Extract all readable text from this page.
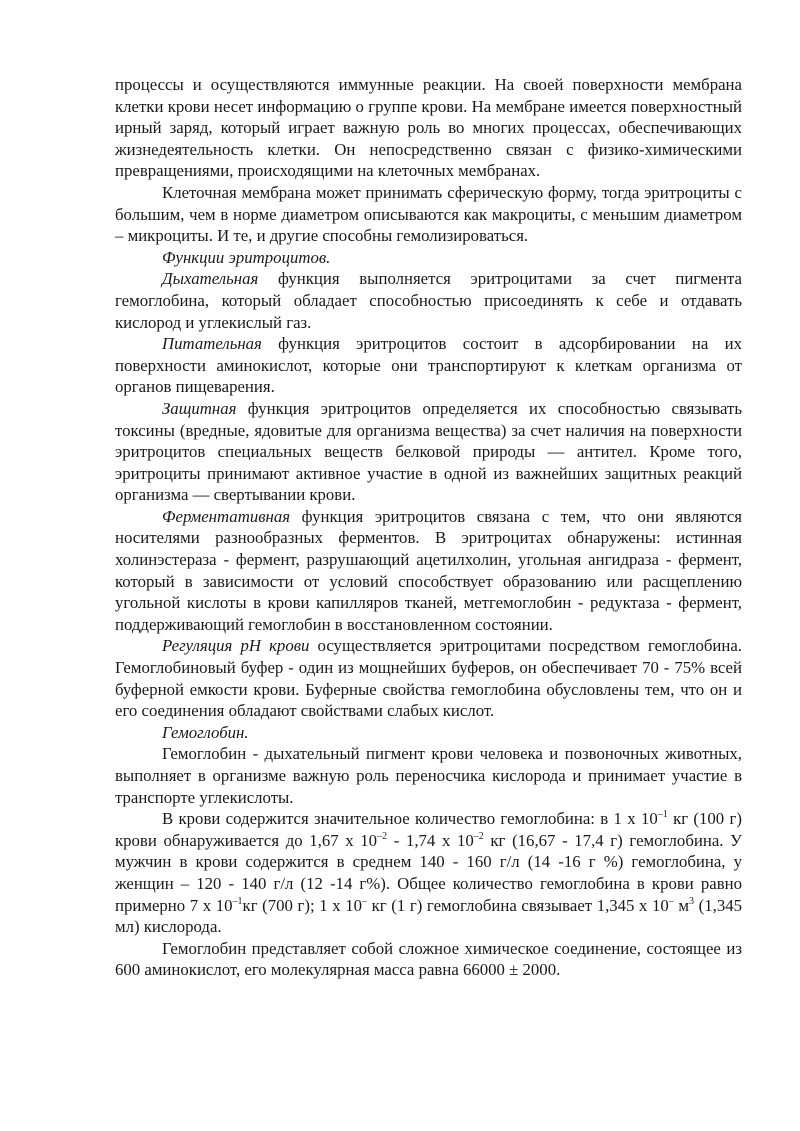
процессы и осуществляются иммунные реакции. На своей поверхности мембрана клетки крови несет информацию о группе крови. На мембране имеется поверхностный ирный заряд, который играет важную роль во многих процессах, обеспечивающих жизнедеятельность клетки. Он непосредственно связан с физико-химическими превращениями, происходящими на клеточных мембранах.

Клеточная мембрана может принимать сферическую форму, тогда эритроциты с большим, чем в норме диаметром описываются как макроциты, с меньшим диаметром – микроциты. И те, и другие способны гемолизироваться.

Функции эритроцитов.

Дыхательная функция выполняется эритроцитами за счет пигмента гемоглобина, который обладает способностью присоединять к себе и отдавать кислород и углекислый газ.

Питательная функция эритроцитов состоит в адсорбировании на их поверхности аминокислот, которые они транспортируют к клеткам организма от органов пищеварения.

Защитная функция эритроцитов определяется их способностью связывать токсины (вредные, ядовитые для организма вещества) за счет наличия на поверхности эритроцитов специальных веществ белковой природы — антител. Кроме того, эритроциты принимают активное участие в одной из важнейших защитных реакций организма — свертывании крови.

Ферментативная функция эритроцитов связана с тем, что они являются носителями разнообразных ферментов. В эритроцитах обнаружены: истинная холинэстераза - фермент, разрушающий ацетилхолин, угольная ангидраза - фермент, который в зависимости от условий способствует образованию или расщеплению угольной кислоты в крови капилляров тканей, метгемоглобин - редуктаза - фермент, поддерживающий гемоглобин в восстановленном состоянии.

Регуляция рН крови осуществляется эритроцитами посредством гемоглобина. Гемоглобиновый буфер - один из мощнейших буферов, он обеспечивает 70 - 75% всей буферной емкости крови. Буферные свойства гемоглобина обусловлены тем, что он и его соединения обладают свойствами слабых кислот.

Гемоглобин.

Гемоглобин - дыхательный пигмент крови человека и позвоночных животных, выполняет в организме важную роль переносчика кислорода и принимает участие в транспорте углекислоты.

В крови содержится значительное количество гемоглобина: в 1 х $10^{-1}$ кг (100 г) крови обнаруживается до 1,67 х $10^{-2} - 1,74$ х $10^{-2}$ кг (16,67 - 17,4 г) гемоглобина. У мужчин в крови содержится в среднем 140 - 160 г/л (14 -16 г %) гемоглобина, у женщин – 120 - 140 г/л (12 -14 г%). Общее количество гемоглобина в крови равно примерно 7 х $10^{-1}кг$ (700 г); 1 х 10– кг (1 г) гемоглобина связывает 1,345 х 10– $м^3$ (1,345 мл) кислорода.

Гемоглобин представляет собой сложное химическое соединение, состоящее из 600 аминокислот, его молекулярная масса равна 66000 ± 2000.
